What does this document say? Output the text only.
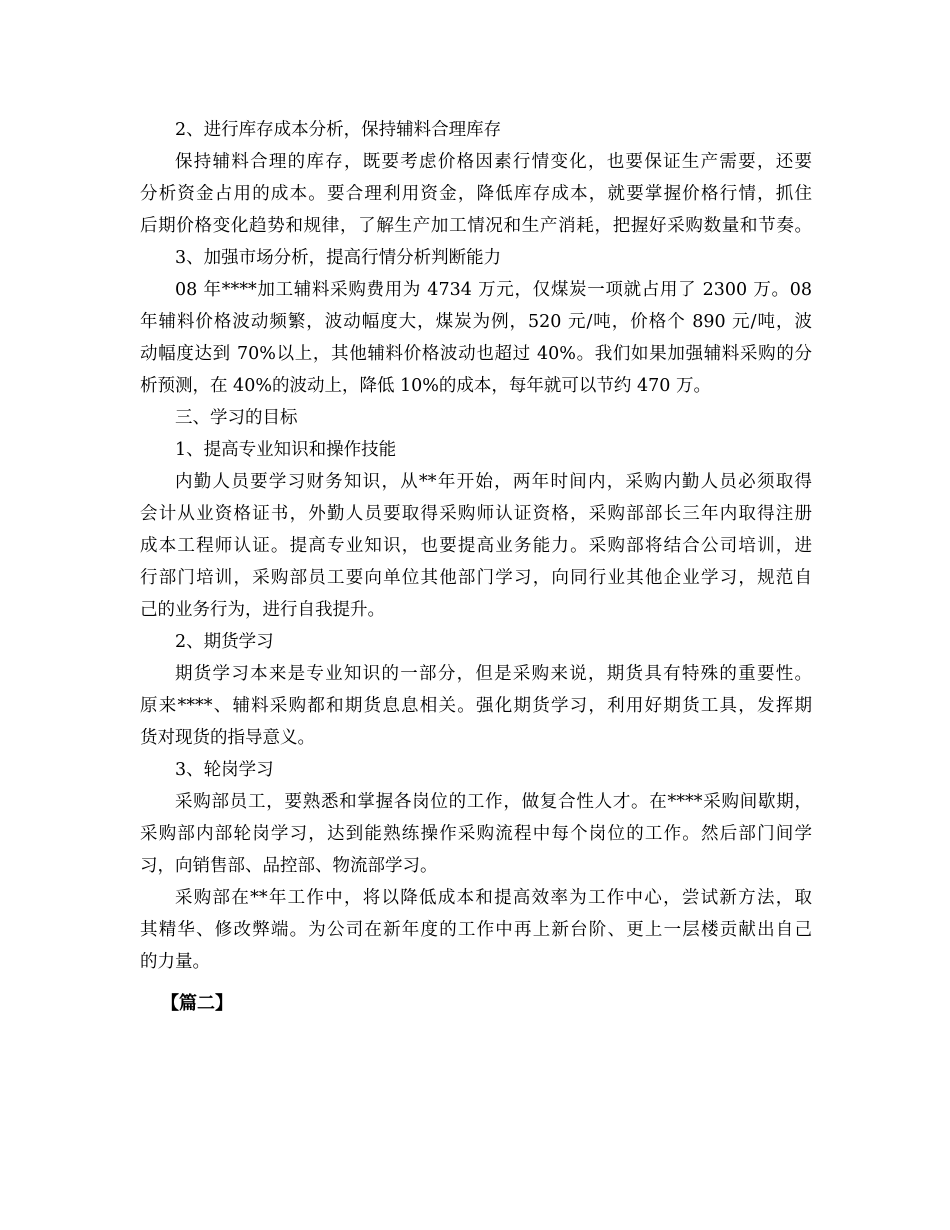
2、进行库存成本分析，保持辅料合理库存
保持辅料合理的库存，既要考虑价格因素行情变化，也要保证生产需要，还要
分析资金占用的成本。要合理利用资金，降低库存成本，就要掌握价格行情，抓住
后期价格变化趋势和规律，了解生产加工情况和生产消耗，把握好采购数量和节奏。
3、加强市场分析，提高行情分析判断能力
08 年****加工辅料采购费用为 4734 万元，仅煤炭一项就占用了 2300 万。08
年辅料价格波动频繁，波动幅度大，煤炭为例，520 元/吨，价格个 890 元/吨，波
动幅度达到 70%以上，其他辅料价格波动也超过 40%。我们如果加强辅料采购的分
析预测，在 40%的波动上，降低 10%的成本，每年就可以节约 470 万。
三、学习的目标
1、提高专业知识和操作技能
内勤人员要学习财务知识，从**年开始，两年时间内，采购内勤人员必须取得
会计从业资格证书，外勤人员要取得采购师认证资格，采购部部长三年内取得注册
成本工程师认证。提高专业知识，也要提高业务能力。采购部将结合公司培训，进
行部门培训，采购部员工要向单位其他部门学习，向同行业其他企业学习，规范自
己的业务行为，进行自我提升。
2、期货学习
期货学习本来是专业知识的一部分，但是采购来说，期货具有特殊的重要性。
原来****、辅料采购都和期货息息相关。强化期货学习，利用好期货工具，发挥期
货对现货的指导意义。
3、轮岗学习
采购部员工，要熟悉和掌握各岗位的工作，做复合性人才。在****采购间歇期，
采购部内部轮岗学习，达到能熟练操作采购流程中每个岗位的工作。然后部门间学
习，向销售部、品控部、物流部学习。
采购部在**年工作中，将以降低成本和提高效率为工作中心，尝试新方法，取
其精华、修改弊端。为公司在新年度的工作中再上新台阶、更上一层楼贡献出自己
的力量。
【篇二】
